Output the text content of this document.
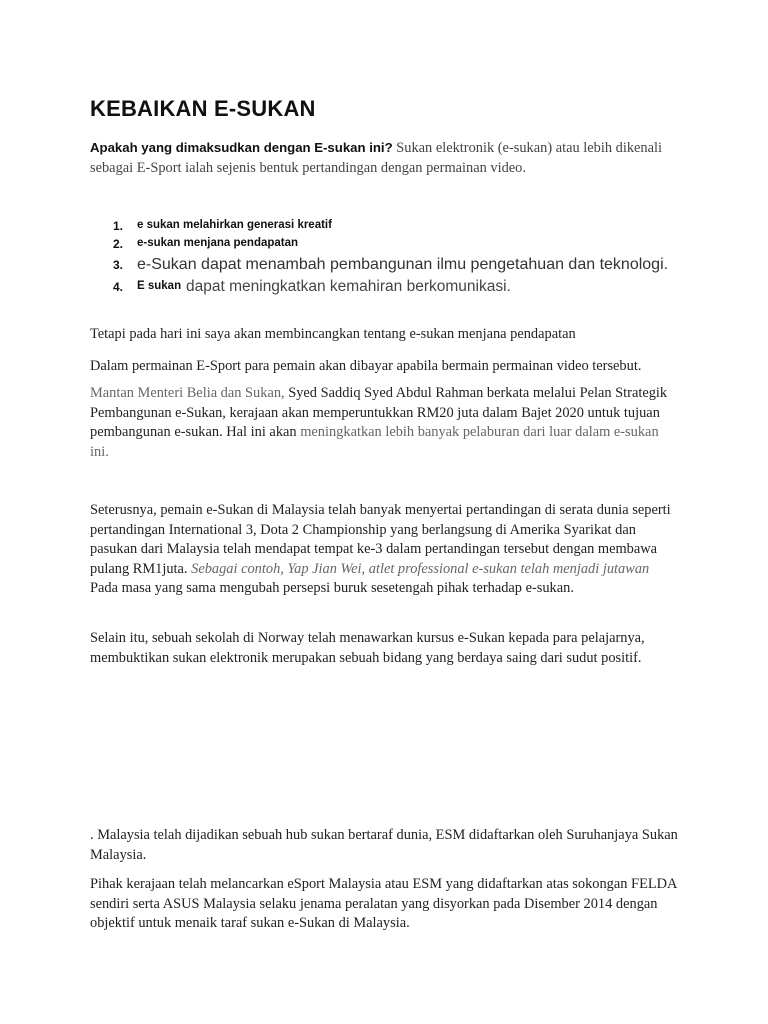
KEBAIKAN E-SUKAN

Apakah yang dimaksudkan dengan E-sukan ini? Sukan elektronik (e-sukan) atau lebih dikenali sebagai E-Sport ialah sejenis bentuk pertandingan dengan permainan video.

1. e sukan melahirkan generasi kreatif
2. e-sukan menjana pendapatan
3. e-Sukan dapat menambah pembangunan ilmu pengetahuan dan teknologi.
4. E sukan dapat meningkatkan kemahiran berkomunikasi.

Tetapi pada hari ini saya akan membincangkan tentang e-sukan menjana pendapatan

Dalam permainan E-Sport para pemain akan dibayar apabila bermain permainan video tersebut.

Mantan Menteri Belia dan Sukan, Syed Saddiq Syed Abdul Rahman berkata melalui Pelan Strategik Pembangunan e-Sukan, kerajaan akan memperuntukkan RM20 juta dalam Bajet 2020 untuk tujuan pembangunan e-sukan. Hal ini akan meningkatkan lebih banyak pelaburan dari luar dalam e-sukan ini.

Seterusnya, pemain e-Sukan di Malaysia telah banyak menyertai pertandingan di serata dunia seperti pertandingan International 3, Dota 2 Championship yang berlangsung di Amerika Syarikat dan pasukan dari Malaysia telah mendapat tempat ke-3 dalam pertandingan tersebut dengan membawa pulang RM1juta. Sebagai contoh, Yap Jian Wei, atlet professional e-sukan telah menjadi jutawan Pada masa yang sama mengubah persepsi buruk sesetengah pihak terhadap e-sukan.

Selain itu, sebuah sekolah di Norway telah menawarkan kursus e-Sukan kepada para pelajarnya, membuktikan sukan elektronik merupakan sebuah bidang yang berdaya saing dari sudut positif.

. Malaysia telah dijadikan sebuah hub sukan bertaraf dunia, ESM didaftarkan oleh Suruhanjaya Sukan Malaysia.

Pihak kerajaan telah melancarkan eSport Malaysia atau ESM yang didaftarkan atas sokongan FELDA sendiri serta ASUS Malaysia selaku jenama peralatan yang disyorkan pada Disember 2014 dengan objektif untuk menaik taraf sukan e-Sukan di Malaysia.
